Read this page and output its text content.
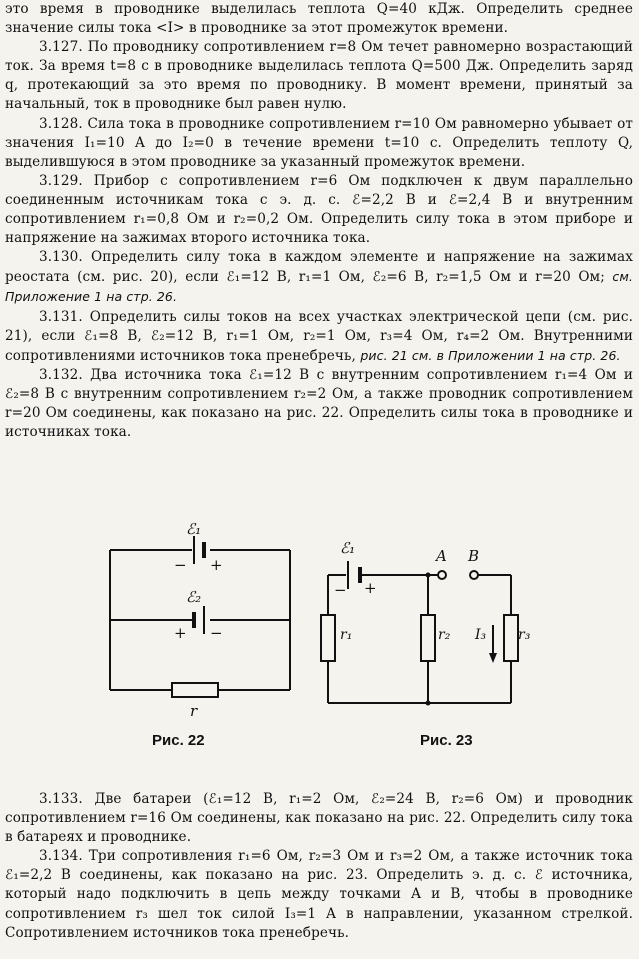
это время в проводнике выделилась теплота Q=40 кДж. Определить среднее значение силы тока <I> в проводнике за этот промежуток времени.

3.127. По проводнику сопротивлением r=8 Ом течет равномерно возрастающий ток. За время t=8 с в проводнике выделилась теплота Q=500 Дж. Определить заряд q, протекающий за это время по проводнику. В момент времени, принятый за начальный, ток в проводнике был равен нулю.

3.128. Сила тока в проводнике сопротивлением r=10 Ом равномерно убывает от значения I₁=10 A до I₂=0 в течение времени t=10 c. Определить теплоту Q, выделившуюся в этом проводнике за указанный промежуток времени.

3.129. Прибор с сопротивлением r=6 Ом подключен к двум параллельно соединенным источникам тока с э. д. с. ℰ=2,2 В и ℰ=2,4 В и внутренним сопротивлением r₁=0,8 Ом и r₂=0,2 Ом. Определить силу тока в этом приборе и напряжение на зажимах второго источника тока.

3.130. Определить силу тока в каждом элементе и напряжение на зажимах реостата (см. рис. 20), если ℰ₁=12 В, r₁=1 Ом, ℰ₂=6 В, r₂=1,5 Ом и r=20 Ом; см. Приложение 1 на стр. 26.

3.131. Определить силы токов на всех участках электрической цепи (см. рис. 21), если ℰ₁=8 В, ℰ₂=12 В, r₁=1 Ом, r₂=1 Ом, r₃=4 Ом, r₄=2 Ом. Внутренними сопротивлениями источников тока пренебречь, рис. 21 см. в Приложении 1 на стр. 26.

3.132. Два источника тока ℰ₁=12 В с внутренним сопротивлением r₁=4 Ом и ℰ₂=8 В с внутренним сопротивлением r₂=2 Ом, а также проводник сопротивлением r=20 Ом соединены, как показано на рис. 22. Определить силы тока в проводнике и источниках тока.

ℰ₁
− +
ℰ₂
+ −
r
Рис. 22
ℰ₁
− +
A B
r₁	r₂	r₃
I₃
Рис. 23

3.133. Две батареи (ℰ₁=12 В, r₁=2 Ом, ℰ₂=24 В, r₂=6 Ом) и проводник сопротивлением r=16 Ом соединены, как показано на рис. 22. Определить силу тока в батареях и проводнике.

3.134. Три сопротивления r₁=6 Ом, r₂=3 Ом и r₃=2 Ом, а также источник тока ℰ₁=2,2 В соединены, как показано на рис. 23. Определить э. д. с. ℰ источника, который надо подключить в цепь между точками A и B, чтобы в проводнике сопротивлением r₃ шел ток силой I₃=1 A в направлении, указанном стрелкой. Сопротивлением источников тока пренебречь.
